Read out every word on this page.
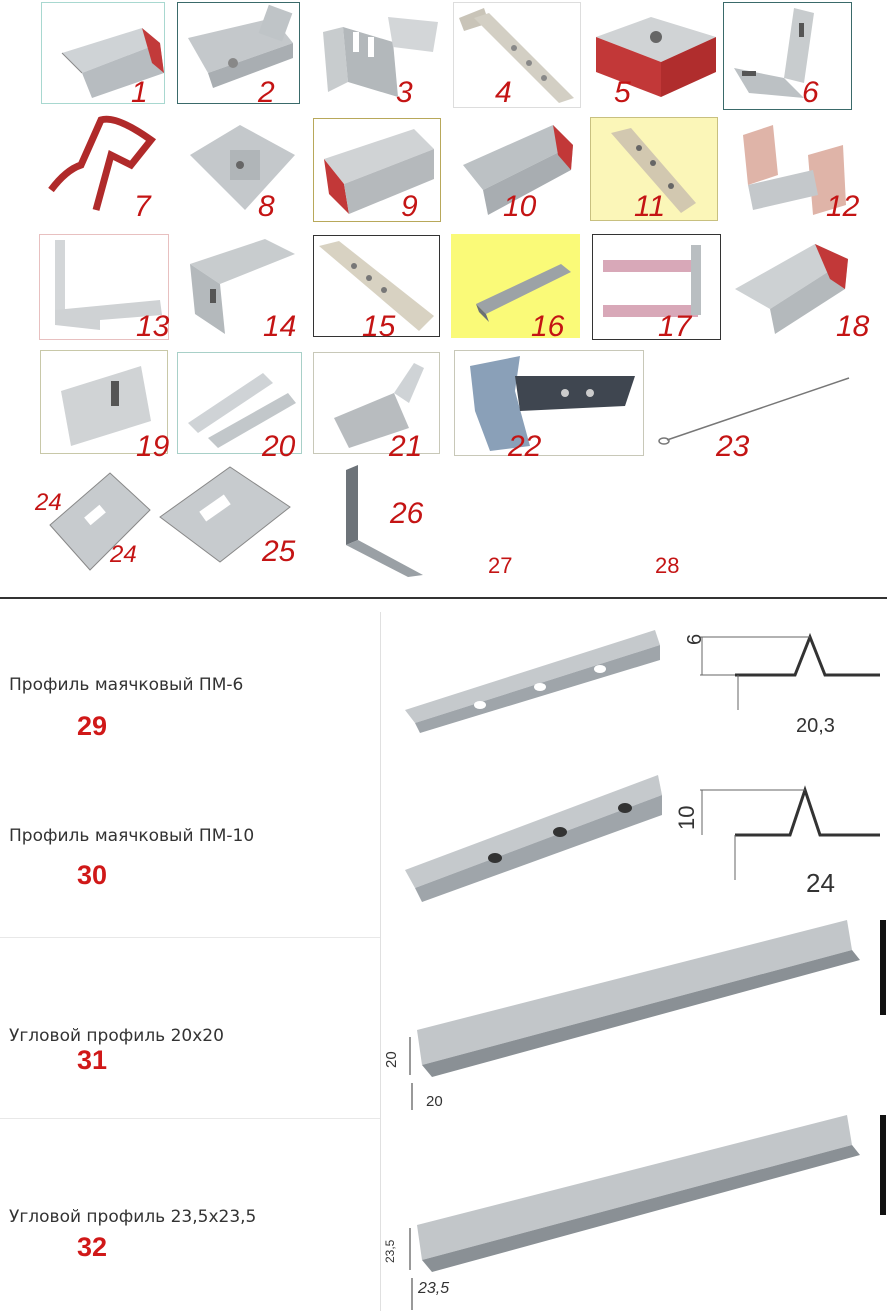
1	2	3	4	5	6
7	8	9	10	11	12
13	14 15	16	17	18
19	20	21	22	23
24
24	25
26
27	28
Профиль маячковый ПМ-6
29
Профиль маячковый ПМ-10
30
Угловой профиль 20х20
31
Угловой профиль 23,5х23,5
32
6
20,3
10
24
20
20
23,5
23,5
